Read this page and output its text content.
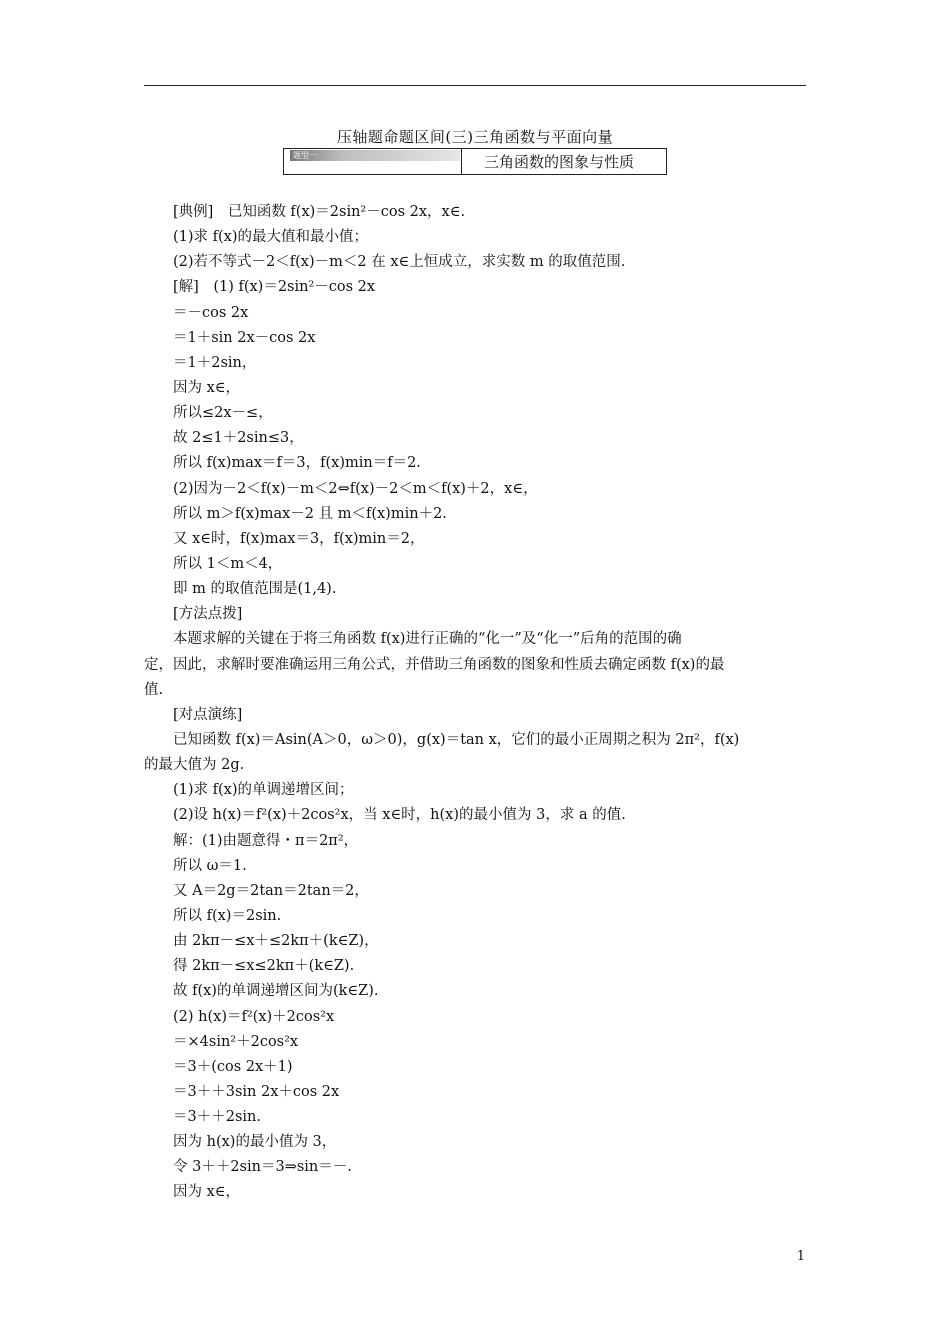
压轴题命题区间(三)三角函数与平面向量
题型一	三角函数的图象与性质
[典例]　已知函数 f(x)＝2sin²－cos 2x，x∈.
(1)求 f(x)的最大值和最小值；
(2)若不等式－2＜f(x)－m＜2 在 x∈上恒成立，求实数 m 的取值范围.
[解]　(1) f(x)＝2sin²－cos 2x
＝－cos 2x
＝1＋sin 2x－cos 2x
＝1＋2sin，
因为 x∈，
所以≤2x－≤，
故 2≤1＋2sin≤3，
所以 f(x)max＝f＝3，f(x)min＝f＝2.
(2)因为－2＜f(x)－m＜2⇔f(x)－2＜m＜f(x)＋2，x∈，
所以 m＞f(x)max－2 且 m＜f(x)min＋2.
又 x∈时，f(x)max＝3，f(x)min＝2，
所以 1＜m＜4，
即 m 的取值范围是(1,4).
[方法点拨]
本题求解的关键在于将三角函数 f(x)进行正确的“化一”及“化一”后角的范围的确
定，因此，求解时要准确运用三角公式，并借助三角函数的图象和性质去确定函数 f(x)的最
值.
[对点演练]
已知函数 f(x)＝Asin(A＞0，ω＞0)，g(x)＝tan x，它们的最小正周期之积为 2π²，f(x)
的最大值为 2g.
(1)求 f(x)的单调递增区间；
(2)设 h(x)＝f²(x)＋2cos²x，当 x∈时，h(x)的最小值为 3，求 a 的值.
解：(1)由题意得・π＝2π²，
所以 ω＝1.
又 A＝2g＝2tan＝2tan＝2，
所以 f(x)＝2sin.
由 2kπ－≤x＋≤2kπ＋(k∈Z)，
得 2kπ－≤x≤2kπ＋(k∈Z).
故 f(x)的单调递增区间为(k∈Z).
(2) h(x)＝f²(x)＋2cos²x
＝×4sin²＋2cos²x
＝3＋(cos 2x＋1)
＝3＋＋3sin 2x＋cos 2x
＝3＋＋2sin.
因为 h(x)的最小值为 3，
令 3＋＋2sin＝3⇒sin＝－.
因为 x∈，
1
